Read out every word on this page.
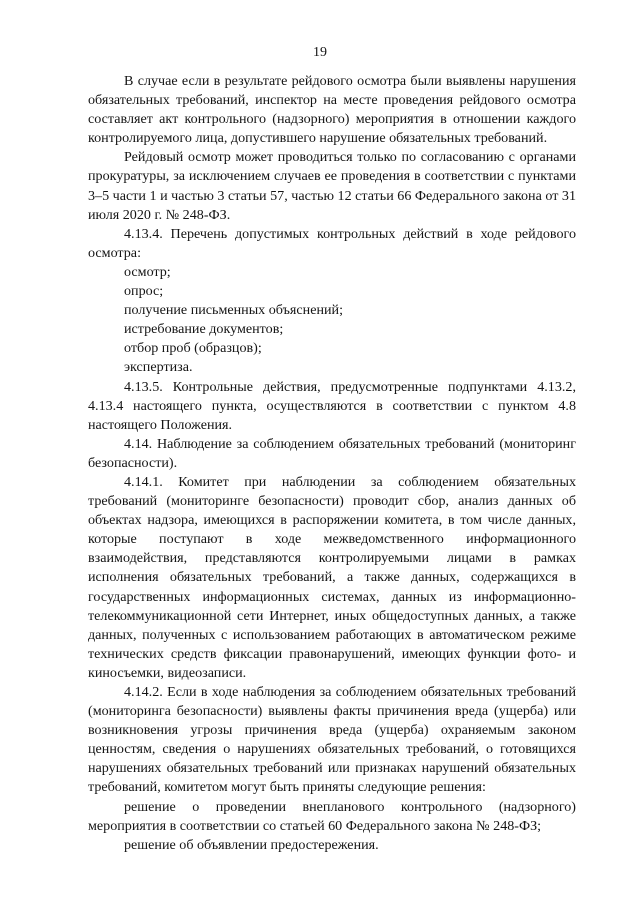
19

В случае если в результате рейдового осмотра были выявлены нарушения обязательных требований, инспектор на месте проведения рейдового осмотра составляет акт контрольного (надзорного) мероприятия в отношении каждого контролируемого лица, допустившего нарушение обязательных требований.

Рейдовый осмотр может проводиться только по согласованию с органами прокуратуры, за исключением случаев ее проведения в соответствии с пунктами 3–5 части 1 и частью 3 статьи 57, частью 12 статьи 66 Федерального закона от 31 июля 2020 г. № 248-ФЗ.

4.13.4. Перечень допустимых контрольных действий в ходе рейдового осмотра:

осмотр;

опрос;

получение письменных объяснений;

истребование документов;

отбор проб (образцов);

экспертиза.

4.13.5. Контрольные действия, предусмотренные подпунктами 4.13.2, 4.13.4 настоящего пункта, осуществляются в соответствии с пунктом 4.8 настоящего Положения.

4.14. Наблюдение за соблюдением обязательных требований (мониторинг безопасности).

4.14.1. Комитет при наблюдении за соблюдением обязательных требований (мониторинге безопасности) проводит сбор, анализ данных об объектах надзора, имеющихся в распоряжении комитета, в том числе данных, которые поступают в ходе межведомственного информационного взаимодействия, представляются контролируемыми лицами в рамках исполнения обязательных требований, а также данных, содержащихся в государственных информационных системах, данных из информационно-телекоммуникационной сети Интернет, иных общедоступных данных, а также данных, полученных с использованием работающих в автоматическом режиме технических средств фиксации правонарушений, имеющих функции фото- и киносъемки, видеозаписи.

4.14.2. Если в ходе наблюдения за соблюдением обязательных требований (мониторинга безопасности) выявлены факты причинения вреда (ущерба) или возникновения угрозы причинения вреда (ущерба) охраняемым законом ценностям, сведения о нарушениях обязательных требований, о готовящихся нарушениях обязательных требований или признаках нарушений обязательных требований, комитетом могут быть приняты следующие решения:

решение о проведении внепланового контрольного (надзорного) мероприятия в соответствии со статьей 60 Федерального закона № 248-ФЗ;

решение об объявлении предостережения.
